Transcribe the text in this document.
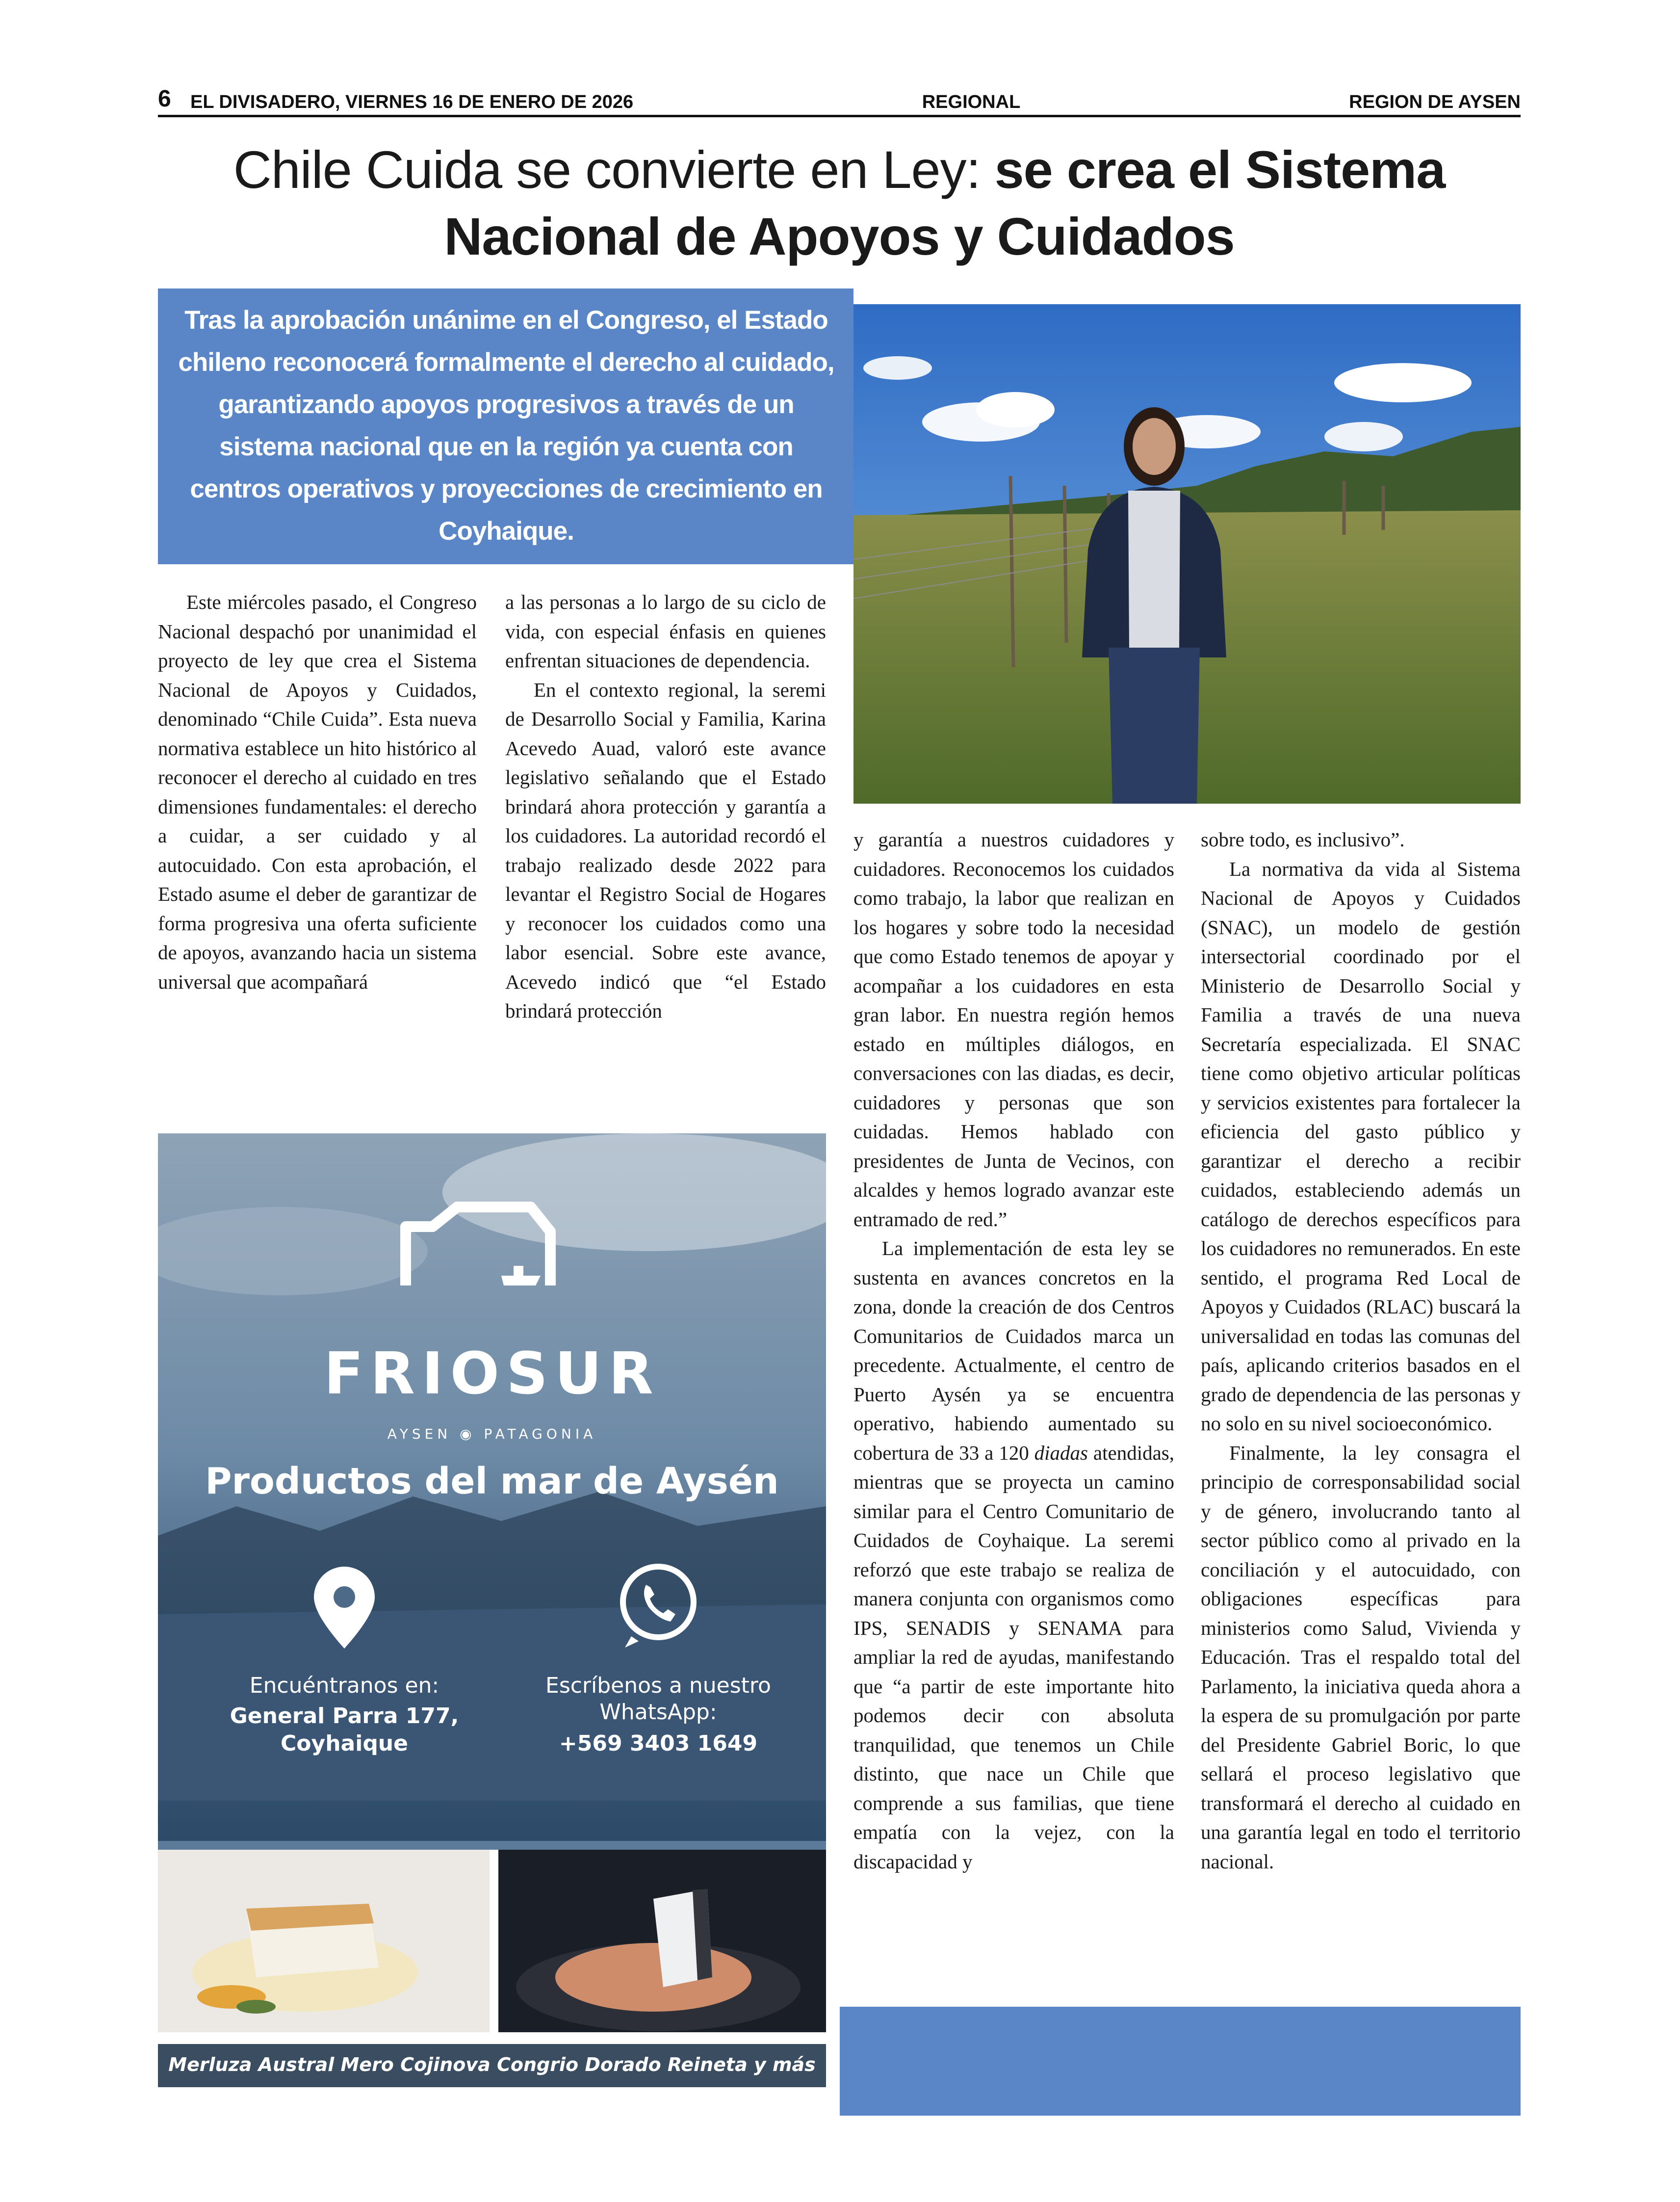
6 EL DIVISADERO, VIERNES 16 DE ENERO DE 2026	REGIONAL	REGION DE AYSEN
Chile Cuida se convierte en Ley: se crea el Sistema
Nacional de Apoyos y Cuidados
Tras la aprobación unánime en el Congreso, el Estado chileno reconocerá formalmente el derecho al cuidado, garantizando apoyos progresivos a través de un sistema nacional que en la región ya cuenta con centros operativos y proyecciones de crecimiento en Coyhaique.

Este miércoles pasado, el Congreso Nacional despachó por unanimidad el proyecto de ley que crea el Sistema Nacional de Apoyos y Cuidados, denominado “Chile Cuida”. Esta nueva normativa establece un hito histórico al reconocer el derecho al cuidado en tres dimensiones fundamentales: el derecho a cuidar, a ser cuidado y al autocuidado. Con esta aprobación, el Estado asume el deber de garantizar de forma progresiva una oferta suficiente de apoyos, avanzando hacia un sistema universal que acompañará

a las personas a lo largo de su ciclo de vida, con especial énfasis en quienes enfrentan situaciones de dependencia.

En el contexto regional, la seremi de Desarrollo Social y Familia, Karina Acevedo Auad, valoró este avance legislativo señalando que el Estado brindará ahora protección y garantía a los cuidadores. La autoridad recordó el trabajo realizado desde 2022 para levantar el Registro Social de Hogares y reconocer los cuidados como una labor esencial. Sobre este avance, Acevedo indicó que “el Estado brindará protección

y garantía a nuestros cuidadores y cuidadores. Reconocemos los cuidados como trabajo, la labor que realizan en los hogares y sobre todo la necesidad que como Estado tenemos de apoyar y acompañar a los cuidadores en esta gran labor. En nuestra región hemos estado en múltiples diálogos, en conversaciones con las diadas, es decir, cuidadores y personas que son cuidadas. Hemos hablado con presidentes de Junta de Vecinos, con alcaldes y hemos logrado avanzar este entramado de red.”

La implementación de esta ley se sustenta en avances concretos en la zona, donde la creación de dos Centros Comunitarios de Cuidados marca un precedente. Actualmente, el centro de Puerto Aysén ya se encuentra operativo, habiendo aumentado su cobertura de 33 a 120 diadas atendidas, mientras que se proyecta un camino similar para el Centro Comunitario de Cuidados de Coyhaique. La seremi reforzó que este trabajo se realiza de manera conjunta con organismos como IPS, SENADIS y SENAMA para ampliar la red de ayudas, manifestando que “a partir de este importante hito podemos decir con absoluta tranquilidad, que tenemos un Chile distinto, que nace un Chile que comprende a sus familias, que tiene empatía con la vejez, con la discapacidad y

sobre todo, es inclusivo”.

La normativa da vida al Sistema Nacional de Apoyos y Cuidados (SNAC), un modelo de gestión intersectorial coordinado por el Ministerio de Desarrollo Social y Familia a través de una nueva Secretaría especializada. El SNAC tiene como objetivo articular políticas y servicios existentes para fortalecer la eficiencia del gasto público y garantizar el derecho a recibir cuidados, estableciendo además un catálogo de derechos específicos para los cuidadores no remunerados. En este sentido, el programa Red Local de Apoyos y Cuidados (RLAC) buscará la universalidad en todas las comunas del país, aplicando criterios basados en el grado de dependencia de las personas y no solo en su nivel socioeconómico.

Finalmente, la ley consagra el principio de corresponsabilidad social y de género, involucrando tanto al sector público como al privado en la conciliación y el autocuidado, con obligaciones específicas para ministerios como Salud, Vivienda y Educación. Tras el respaldo total del Parlamento, la iniciativa queda ahora a la espera de su promulgación por parte del Presidente Gabriel Boric, lo que sellará el proceso legislativo que transformará el derecho al cuidado en una garantía legal en todo el territorio nacional.

FRIOSUR
AYSEN ◉ PATAGONIA
Productos del mar de Aysén
Encuéntranos en:
General Parra 177,
Coyhaique
Escríbenos a nuestro
WhatsApp:
+569 3403 1649
Merluza Austral Mero Cojinova Congrio Dorado Reineta y más
